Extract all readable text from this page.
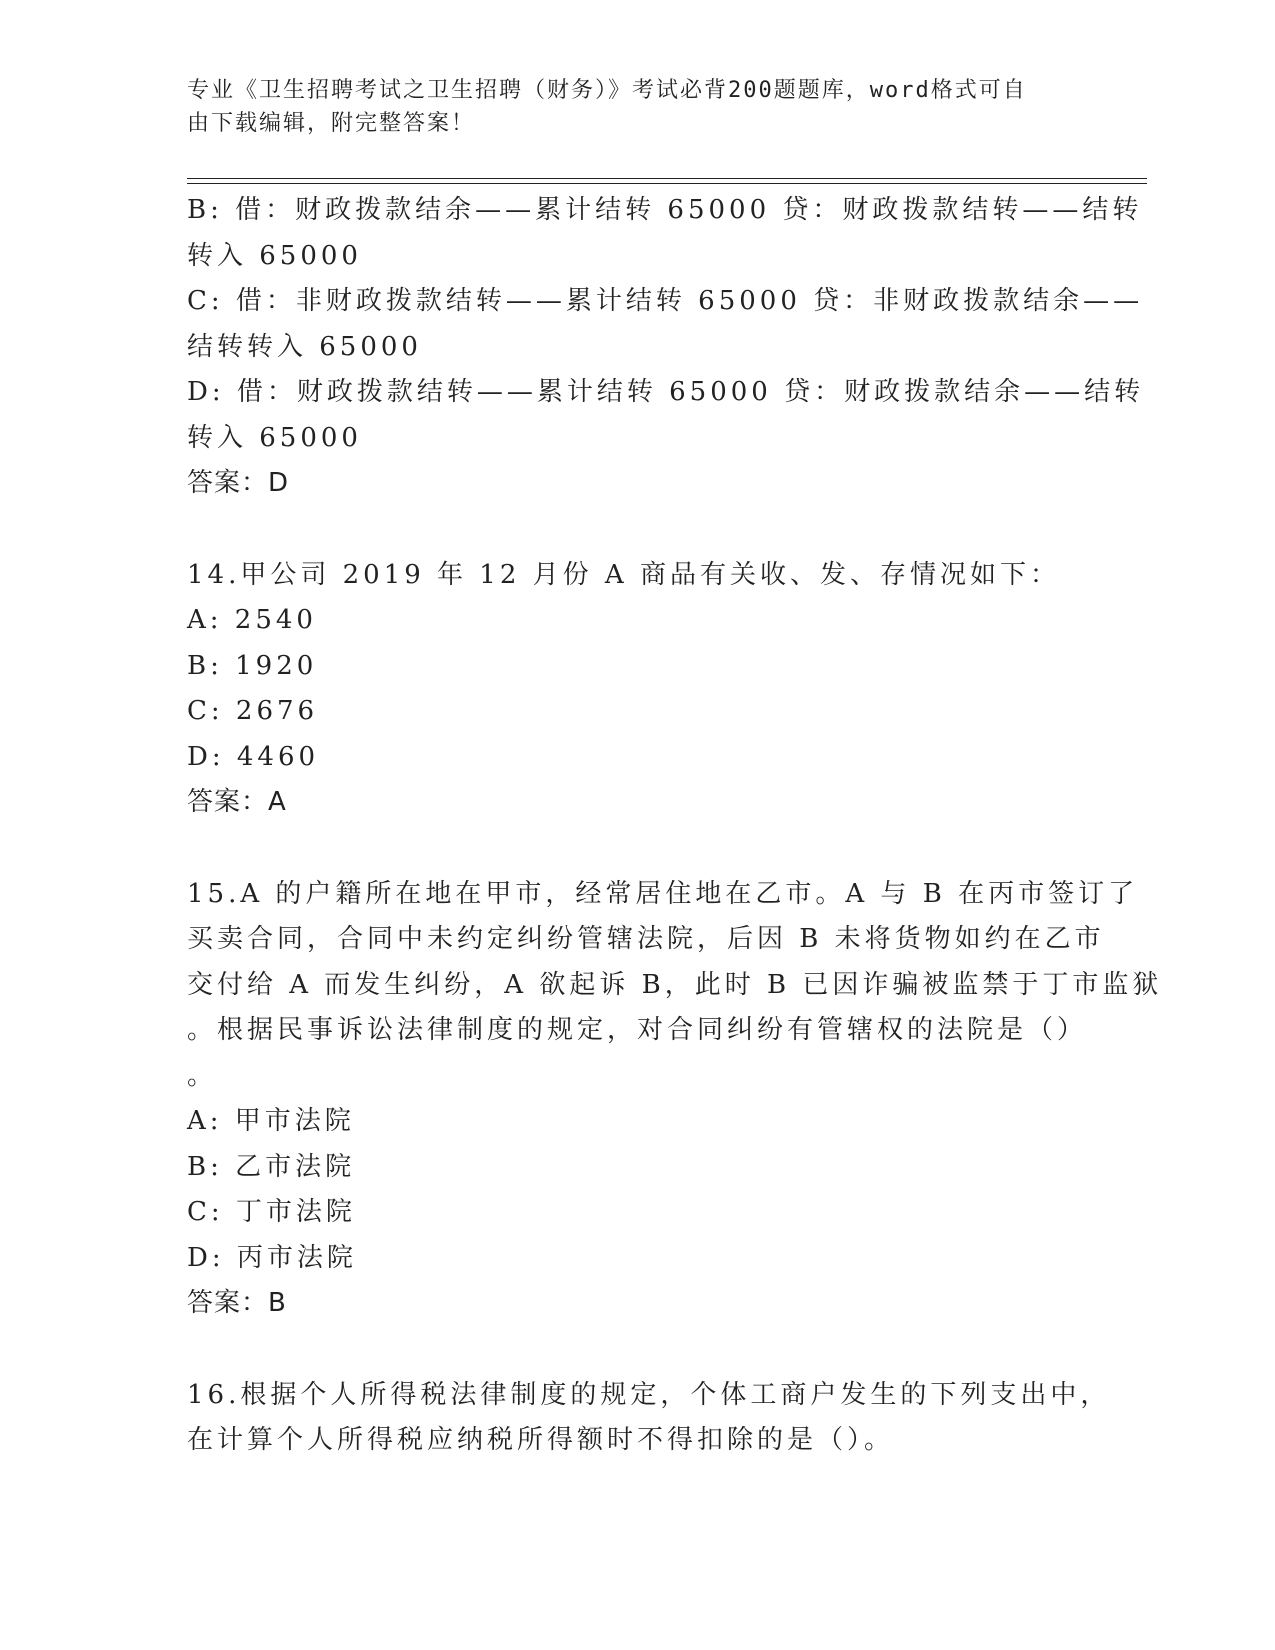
专业《卫生招聘考试之卫生招聘（财务）》考试必背200题题库，word格式可自
由下载编辑，附完整答案！
B: 借：财政拨款结余——累计结转 65000 贷：财政拨款结转——结转
转入 65000
C: 借：非财政拨款结转——累计结转 65000 贷：非财政拨款结余——
结转转入 65000
D: 借：财政拨款结转——累计结转 65000 贷：财政拨款结余——结转
转入 65000
答案：D
14.甲公司 2019 年 12 月份 A 商品有关收、发、存情况如下：
A: 2540
B: 1920
C: 2676
D: 4460
答案：A
15.A 的户籍所在地在甲市，经常居住地在乙市。A 与 B 在丙市签订了
买卖合同，合同中未约定纠纷管辖法院，后因 B 未将货物如约在乙市
交付给 A 而发生纠纷，A 欲起诉 B，此时 B 已因诈骗被监禁于丁市监狱
。根据民事诉讼法律制度的规定，对合同纠纷有管辖权的法院是（）
。
A: 甲市法院
B: 乙市法院
C: 丁市法院
D: 丙市法院
答案：B
16.根据个人所得税法律制度的规定，个体工商户发生的下列支出中，
在计算个人所得税应纳税所得额时不得扣除的是（）。
